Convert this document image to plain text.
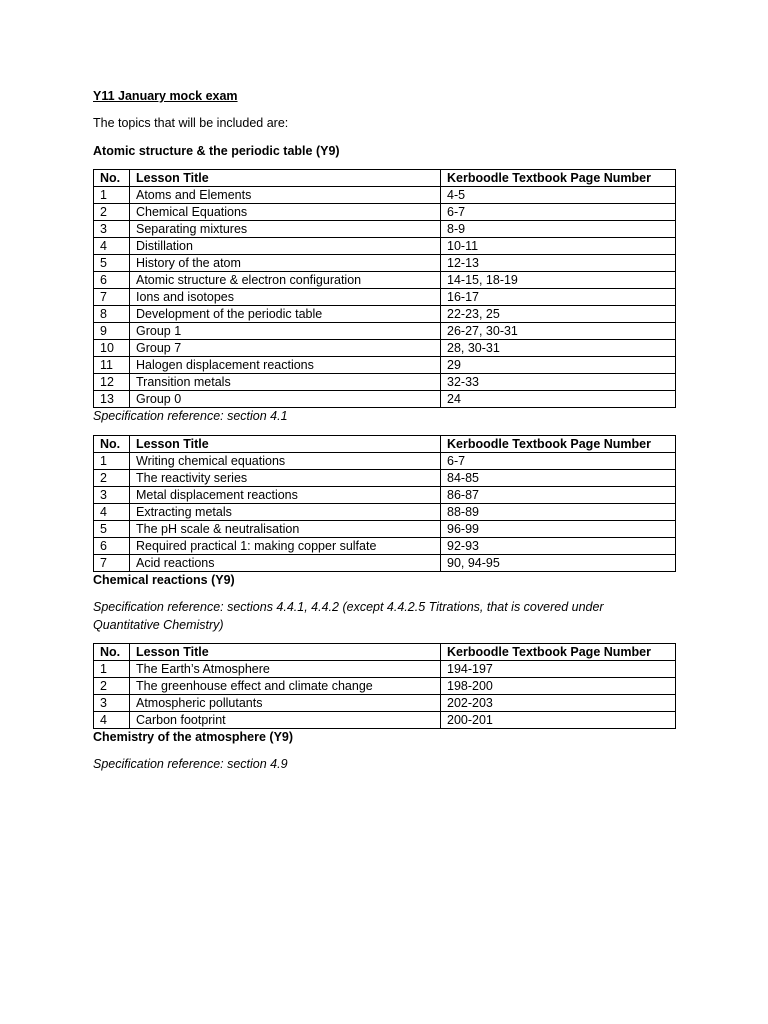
Y11 January mock exam
The topics that will be included are:
Atomic structure & the periodic table (Y9)
No.	Lesson Title	Kerboodle Textbook Page Number
1	Atoms and Elements	4-5
2	Chemical Equations	6-7
3	Separating mixtures	8-9
4	Distillation	10-11
5	History of the atom	12-13
6	Atomic structure & electron configuration	14-15, 18-19
7	Ions and isotopes	16-17
8	Development of the periodic table	22-23, 25
9	Group 1	26-27, 30-31
10	Group 7	28, 30-31
11	Halogen displacement reactions	29
12	Transition metals	32-33
13	Group 0	24
Specification reference: section 4.1
No.	Lesson Title	Kerboodle Textbook Page Number
1	Writing chemical equations	6-7
2	The reactivity series	84-85
3	Metal displacement reactions	86-87
4	Extracting metals	88-89
5	The pH scale & neutralisation	96-99
6	Required practical 1: making copper sulfate	92-93
7	Acid reactions	90, 94-95
Chemical reactions (Y9)
Specification reference: sections 4.4.1, 4.4.2 (except 4.4.2.5 Titrations, that is covered under
Quantitative Chemistry)
No.	Lesson Title	Kerboodle Textbook Page Number
1	The Earth’s Atmosphere	194-197
2	The greenhouse effect and climate change	198-200
3	Atmospheric pollutants	202-203
4	Carbon footprint	200-201
Chemistry of the atmosphere (Y9)
Specification reference: section 4.9
